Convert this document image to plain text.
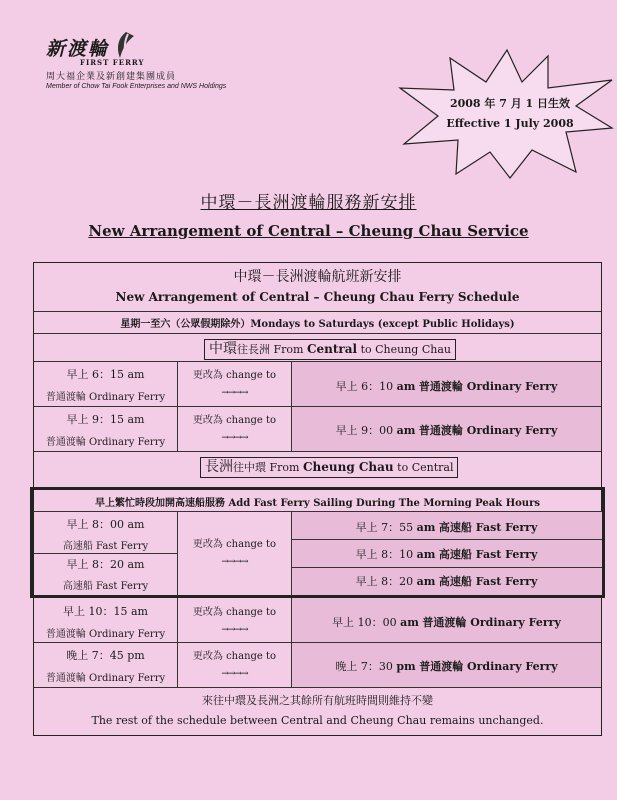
新渡輪
FIRST FERRY
周大福企業及新創建集團成員
Member of Chow Tai Fook Enterprises and NWS Holdings
2008 年 7 月 1 日生效
Effective 1 July 2008
中環－長洲渡輪服務新安排
New Arrangement of Central – Cheung Chau Service
中環－長洲渡輪航班新安排
New Arrangement of Central – Cheung Chau Ferry Schedule
星期一至六（公眾假期除外）Mondays to Saturdays (except Public Holidays)
中環往長洲 From Central to Cheung Chau
早上 6：15 am
普通渡輪 Ordinary Ferry
更改為 change to
→→→→	早上 6：10 am 普通渡輪 Ordinary Ferry
早上 9：15 am
普通渡輪 Ordinary Ferry
更改為 change to
→→→→
早上 9：00 am 普通渡輪 Ordinary Ferry
長洲往中環 From Cheung Chau to Central
早上繁忙時段加開高速船服務 Add Fast Ferry Sailing During The Morning Peak Hours
早上 8：00 am
高速船 Fast Ferry
早上 8：20 am
高速船 Fast Ferry
更改為 change to
→→→→
早上 7：55 am 高速船 Fast Ferry
早上 8：10 am 高速船 Fast Ferry
早上 8：20 am 高速船 Fast Ferry
早上 10：15 am
普通渡輪 Ordinary Ferry
更改為 change to
→→→→
早上 10：00 am 普通渡輪 Ordinary Ferry
晚上 7：45 pm
普通渡輪 Ordinary Ferry
更改為 change to
→→→→
晚上 7：30 pm 普通渡輪 Ordinary Ferry
來往中環及長洲之其餘所有航班時間則維持不變
The rest of the schedule between Central and Cheung Chau remains unchanged.
